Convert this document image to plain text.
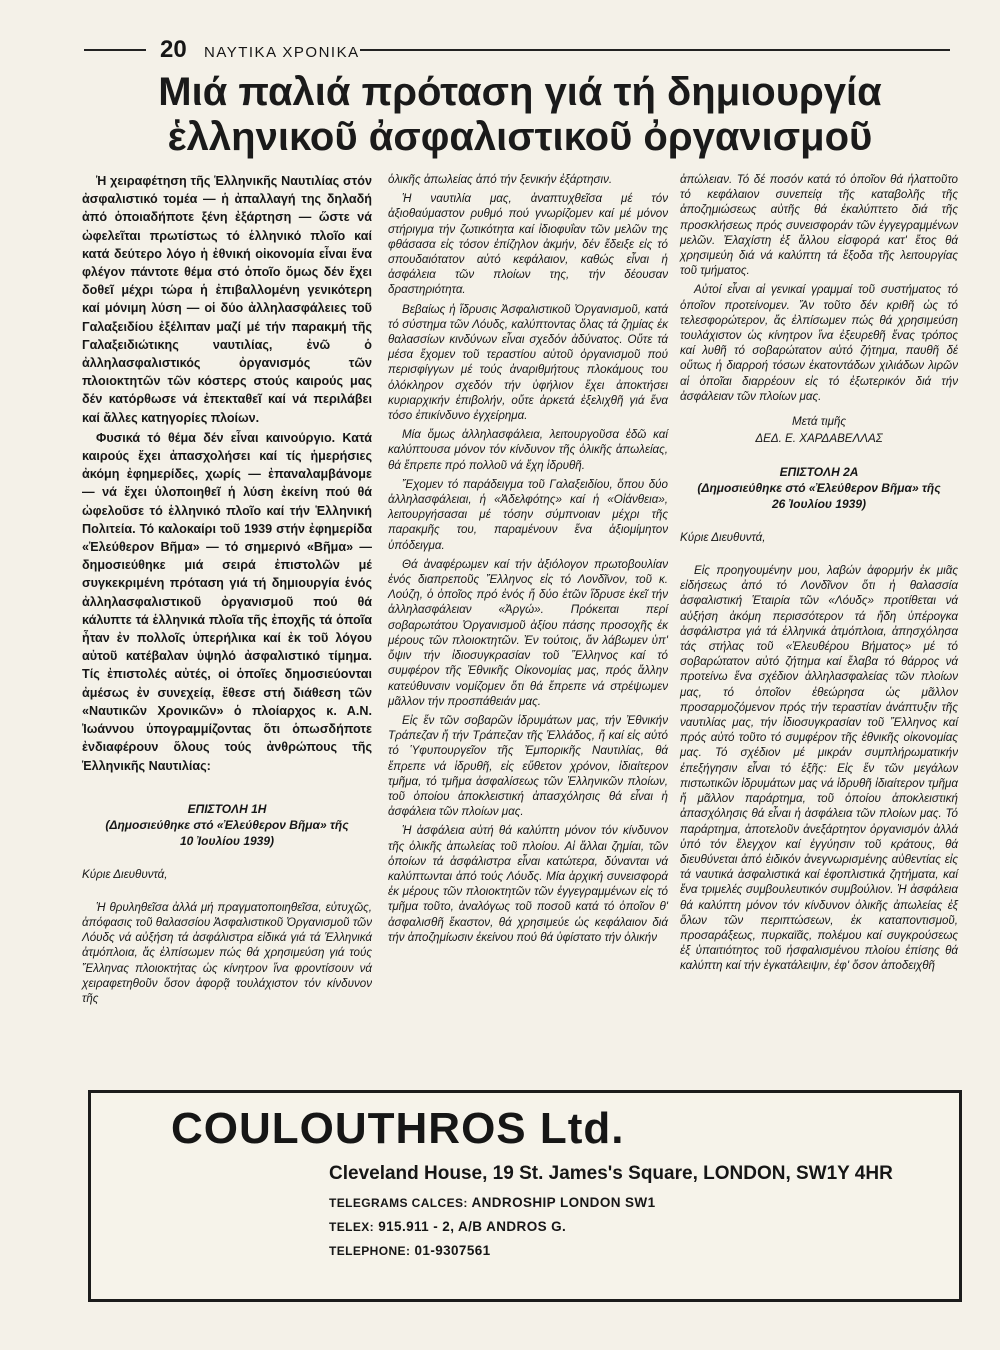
20 ΝΑΥΤΙΚΑ ΧΡΟΝΙΚΑ
Μιά παλιά πρόταση γιά τή δημιουργία
ἑλληνικοῦ ἀσφαλιστικοῦ ὀργανισμοῦ

Ἡ χειραφέτηση τῆς Ἑλληνικῆς Ναυτιλίας στόν ἀσφαλιστικό τομέα — ἡ ἀπαλλαγή της δηλαδή ἀπό ὁποιαδήποτε ξένη ἐξάρτηση — ὥστε νά ὠφελεῖται πρωτίστως τό ἑλληνικό πλοῖο καί κατά δεύτερο λόγο ἡ ἐθνική οἰκονομία εἶναι ἕνα φλέγον πάντοτε θέμα στό ὁποῖο ὅμως δέν ἔχει δοθεῖ μέχρι τώρα ἡ ἐπιβαλλομένη γενικότερη καί μόνιμη λύση — οἱ δύο ἀλληλασφάλειες τοῦ Γαλαξειδίου ἐξέλιπαν μαζί μέ τήν παρακμή τῆς Γαλαξειδιώτικης ναυτιλίας, ἐνῶ ὁ ἀλληλασφαλιστικός ὀργανισμός τῶν πλοιοκτητῶν τῶν κόστερς στούς καιρούς μας δέν κατόρθωσε νά ἐπεκταθεῖ καί νά περιλάβει καί ἄλλες κατηγορίες πλοίων.

Φυσικά τό θέμα δέν εἶναι καινούργιο. Κατά καιρούς ἔχει ἀπασχολήσει καί τίς ἡμερήσιες ἀκόμη ἐφημερίδες, χωρίς — ἐπαναλαμβάνομε — νά ἔχει ὑλοποιηθεῖ ἡ λύση ἐκείνη πού θά ὠφελοῦσε τό ἑλληνικό πλοῖο καί τήν Ἑλληνική Πολιτεία. Τό καλοκαίρι τοῦ 1939 στήν ἐφημερίδα «Ἐλεύθερον Βῆμα» — τό σημερινό «Βῆμα» — δημοσιεύθηκε μιά σειρά ἐπιστολῶν μέ συγκεκριμένη πρόταση γιά τή δημιουργία ἑνός ἀλληλασφαλιστικοῦ ὀργανισμοῦ πού θά κάλυπτε τά ἑλληνικά πλοῖα τῆς ἐποχῆς τά ὁποῖα ἦταν ἐν πολλοῖς ὑπερήλικα καί ἐκ τοῦ λόγου αὐτοῦ κατέβαλαν ὑψηλό ἀσφαλιστικό τίμημα. Τίς ἐπιστολές αὐτές, οἱ ὁποῖες δημοσιεύονται ἀμέσως ἐν συνεχείᾳ, ἔθεσε στή διάθεση τῶν «Ναυτικῶν Χρονικῶν» ὁ πλοίαρχος κ. Α.Ν. Ἰωάννου ὑπογραμμίζοντας ὅτι ὁπωσδήποτε ἐνδιαφέρουν ὅλους τούς ἀνθρώπους τῆς Ἑλληνικῆς Ναυτιλίας:

ΕΠΙΣΤΟΛΗ 1Η
(Δημοσιεύθηκε στό «Ἐλεύθερον Βῆμα» τῆς
10 Ἰουλίου 1939)
Κύριε Διευθυντά,

Ἡ θρυληθεῖσα ἀλλά μή πραγματοποιηθεῖσα, εὐτυχῶς, ἀπόφασις τοῦ θαλασσίου Ἀσφαλιστικοῦ Ὀργανισμοῦ τῶν Λόυδς νά αὐξήση τά ἀσφάλιστρα εἰδικά γιά τά Ἑλληνικά ἀτμόπλοια, ἄς ἐλπίσωμεν πώς θά χρησιμεύση γιά τούς Ἕλληνας πλοιοκτήτας ὡς κίνητρον ἵνα φροντίσουν νά χειραφετηθοῦν ὅσον ἀφορᾷ τουλάχιστον τόν κίνδυνον τῆς

ὁλικῆς ἀπωλείας ἀπό τήν ξενικήν ἐξάρτησιν.

Ἡ ναυτιλία μας, ἀναπτυχθεῖσα μέ τόν ἀξιοθαύμαστον ρυθμό πού γνωρίζομεν καί μέ μόνον στήριγμα τήν ζωτικότητα καί ἰδιοφυΐαν τῶν μελῶν της φθάσασα εἰς τόσον ἐπίζηλον ἀκμήν, δέν ἔδειξε εἰς τό σπουδαιότατον αὐτό κεφάλαιον, καθώς εἶναι ἡ ἀσφάλεια τῶν πλοίων της, τήν δέουσαν δραστηριότητα.

Βεβαίως ἡ ἵδρυσις Ἀσφαλιστικοῦ Ὀργανισμοῦ, κατά τό σύστημα τῶν Λόυδς, καλύπτοντας ὅλας τά ζημίας ἐκ θαλασσίων κινδύνων εἶναι σχεδόν ἀδύνατος. Οὔτε τά μέσα ἔχομεν τοῦ τεραστίου αὐτοῦ ὀργανισμοῦ πού περισφίγγων μέ τούς ἀναριθμήτους πλοκάμους του ὁλόκληρον σχεδόν τήν ὑφήλιον ἔχει ἀποκτήσει κυριαρχικήν ἐπιβολήν, οὔτε ἀρκετά ἐξελιχθῆ γιά ἕνα τόσο ἐπικίνδυνο ἐγχείρημα.

Μία ὅμως ἀλληλασφάλεια, λειτουργοῦσα ἐδῶ καί καλύπτουσα μόνον τόν κίνδυνον τῆς ὁλικῆς ἀπωλείας, θά ἔπρεπε πρό πολλοῦ νά ἔχη ἱδρυθῆ.

Ἔχομεν τό παράδειγμα τοῦ Γαλαξειδίου, ὅπου δύο ἀλληλασφάλειαι, ἡ «Ἀδελφότης» καί ἡ «Οἰάνθεια», λειτουργήσασαι μέ τόσην σύμπνοιαν μέχρι τῆς παρακμῆς του, παραμένουν ἕνα ἀξιομίμητον ὑπόδειγμα.

Θά ἀναφέρωμεν καί τήν ἀξιόλογον πρωτοβουλίαν ἑνός διαπρεποῦς Ἕλληνος εἰς τό Λονδῖνον, τοῦ κ. Λούζη, ὁ ὁποῖος πρό ἐνός ἤ δύο ἐτῶν ἵδρυσε ἐκεῖ τήν ἀλληλασφάλειαν «Ἀργώ». Πρόκειται περί σοβαρωτάτου Ὀργανισμοῦ ἀξίου πάσης προσοχῆς ἐκ μέρους τῶν πλοιοκτητῶν. Ἐν τούτοις, ἄν λάβωμεν ὑπ' ὄψιν τήν ἰδιοσυγκρασίαν τοῦ Ἕλληνος καί τό συμφέρον τῆς Ἐθνικῆς Οἰκονομίας μας, πρός ἄλλην κατεύθυνσιν νομίζομεν ὅτι θά ἔπρεπε νά στρέψωμεν μᾶλλον τήν προσπάθειάν μας.

Εἰς ἕν τῶν σοβαρῶν ἱδρυμάτων μας, τήν Ἐθνικήν Τράπεζαν ἤ τήν Τράπεζαν τῆς Ἑλλάδος, ἤ καί εἰς αὐτό τό Ὑφυπουργεῖον τῆς Ἐμπορικῆς Ναυτιλίας, θά ἔπρεπε νά ἱδρυθῆ, εἰς εὔθετον χρόνον, ἰδιαίτερον τμῆμα, τό τμῆμα ἀσφαλίσεως τῶν Ἑλληνικῶν πλοίων, τοῦ ὁποίου ἀποκλειστική ἀπασχόλησις θά εἶναι ἡ ἀσφάλεια τῶν πλοίων μας.

Ἡ ἀσφάλεια αὐτή θά καλύπτη μόνον τόν κίνδυνον τῆς ὁλικῆς ἀπωλείας τοῦ πλοίου. Αἱ ἄλλαι ζημίαι, τῶν ὁποίων τά ἀσφάλιστρα εἶναι κατώτερα, δύνανται νά καλύπτωνται ἀπό τούς Λόυδς. Μία ἀρχική συνεισφορά ἐκ μέρους τῶν πλοιοκτητῶν τῶν ἐγγεγραμμένων εἰς τό τμῆμα τοῦτο, ἀναλόγως τοῦ ποσοῦ κατά τό ὁποῖον θ' ἀσφαλισθῆ ἕκαστον, θά χρησιμεύε ὡς κεφάλαιον διά τήν ἀποζημίωσιν ἐκείνου πού θά ὑφίστατο τήν ὁλικήν

ἀπώλειαν. Τό δέ ποσόν κατά τό ὁποῖον θά ἠλαττοῦτο τό κεφάλαιον συνεπείᾳ τῆς καταβολῆς τῆς ἀποζημιώσεως αὐτῆς θά ἐκαλύπτετο διά τῆς προσκλήσεως πρός συνεισφοράν τῶν ἐγγεγραμμένων μελῶν. Ἐλαχίστη ἐξ ἄλλου εἰσφορά κατ' ἔτος θά χρησιμεύη διά νά καλύπτη τά ἔξοδα τῆς λειτουργίας τοῦ τμήματος.

Αὐτοί εἶναι αἱ γενικαί γραμμαί τοῦ συστήματος τό ὁποῖον προτείνομεν. Ἄν τοῦτο δέν κριθῆ ὡς τό τελεσφορώτερον, ἄς ἐλπίσωμεν πώς θά χρησιμεύση τουλάχιστον ὡς κίνητρον ἵνα ἐξευρεθῆ ἕνας τρόπος καί λυθῆ τό σοβαρώτατον αὐτό ζήτημα, παυθῆ δέ οὕτως ἡ διαρροή τόσων ἑκατοντάδων χιλιάδων λιρῶν αἱ ὁποῖαι διαρρέουν εἰς τό ἐξωτερικόν διά τήν ἀσφάλειαν τῶν πλοίων μας.

Μετά τιμῆς
ΔΕΔ. Ε. ΧΑΡΔΑΒΕΛΛΑΣ
ΕΠΙΣΤΟΛΗ 2Α
(Δημοσιεύθηκε στό «Ἐλεύθερον Βῆμα» τῆς
26 Ἰουλίου 1939)
Κύριε Διευθυντά,

Εἰς προηγουμένην μου, λαβών ἀφορμήν ἐκ μιᾶς εἰδήσεως ἀπό τό Λονδῖνον ὅτι ἡ θαλασσία ἀσφαλιστική Ἑταιρία τῶν «Λόυδς» προτίθεται νά αὐξήση ἀκόμη περισσότερον τά ἤδη ὑπέρογκα ἀσφάλιστρα γιά τά ἑλληνικά ἀτμόπλοια, ἀπησχόλησα τάς στήλας τοῦ «Ἐλευθέρου Βήματος» μέ τό σοβαρώτατον αὐτό ζήτημα καί ἔλαβα τό θάρρος νά προτείνω ἕνα σχέδιον ἀλληλασφαλείας τῶν πλοίων μας, τό ὁποῖον ἐθεώρησα ὡς μᾶλλον προσαρμοζόμενον πρός τήν τεραστίαν ἀνάπτυξιν τῆς ναυτιλίας μας, τήν ἰδιοσυγκρασίαν τοῦ Ἕλληνος καί πρός αὐτό τοῦτο τό συμφέρον τῆς ἐθνικῆς οἰκονομίας μας. Τό σχέδιον μέ μικράν συμπλήρωματικήν ἐπεξήγησιν εἶναι τό ἑξῆς: Εἰς ἕν τῶν μεγάλων πιστωτικῶν ἱδρυμάτων μας νά ἱδρυθῆ ἰδιαίτερον τμῆμα ἤ μᾶλλον παράρτημα, τοῦ ὁποίου ἀποκλειστική ἀπασχόλησις θά εἶναι ἡ ἀσφάλεια τῶν πλοίων μας. Τό παράρτημα, ἀποτελοῦν ἀνεξάρτητον ὀργανισμόν ἀλλά ὑπό τόν ἔλεγχον καί ἐγγύησιν τοῦ κράτους, θά διευθύνεται ἀπό ἐιδικόν ἀνεγνωρισμένης αὐθεντίας εἰς τά ναυτικά ἀσφαλιστικά καί ἐφοπλιστικά ζητήματα, καί ἕνα τριμελές συμβουλευτικόν συμβούλιον. Ἡ ἀσφάλεια θά καλύπτη μόνον τόν κίνδυνον ὁλικῆς ἀπωλείας ἐξ ὅλων τῶν περιπτώσεων, ἐκ καταποντισμοῦ, προσαράξεως, πυρκαϊᾶς, πολέμου καί συγκρούσεως ἐξ ὑπαιτιότητος τοῦ ἠσφαλισμένου πλοίου ἐπίσης θά καλύπτη καί τήν ἐγκατάλειψιν, ἐφ' ὅσον ἀποδειχθῆ

COULOUTHROS Ltd.
Cleveland House, 19 St. James's Square, LONDON, SW1Y 4HR
TELEGRAMS CALCES: ANDROSHIP LONDON SW1
TELEX: 915.911 - 2, A/B ANDROS G.
TELEPHONE: 01-9307561
